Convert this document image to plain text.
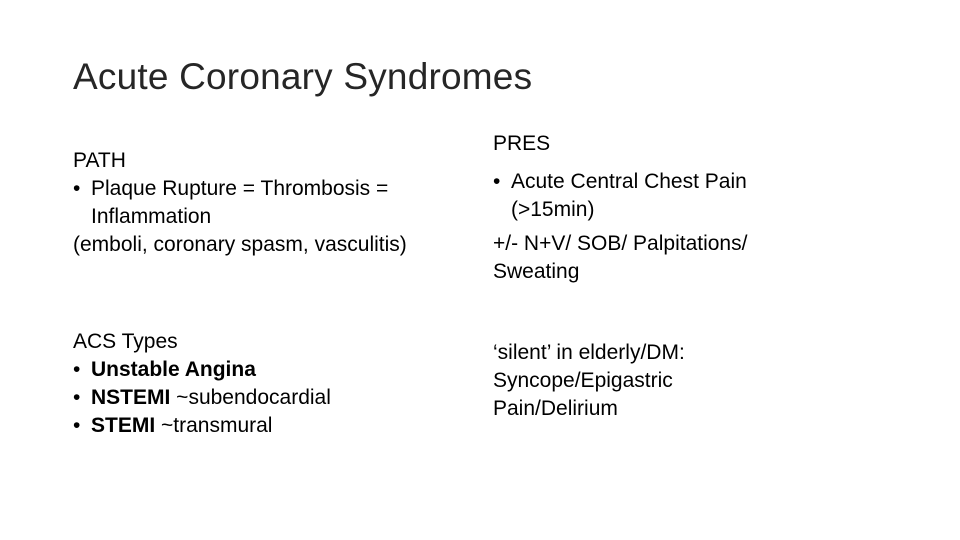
Acute Coronary Syndromes
PATH
• Plaque Rupture = Thrombosis =
Inflammation
(emboli, coronary spasm, vasculitis)
ACS Types
• Unstable Angina
• NSTEMI ~subendocardial
• STEMI ~transmural
PRES
• Acute Central Chest Pain
(>15min)
+/- N+V/ SOB/ Palpitations/
Sweating
‘silent’ in elderly/DM:
Syncope/Epigastric
Pain/Delirium
